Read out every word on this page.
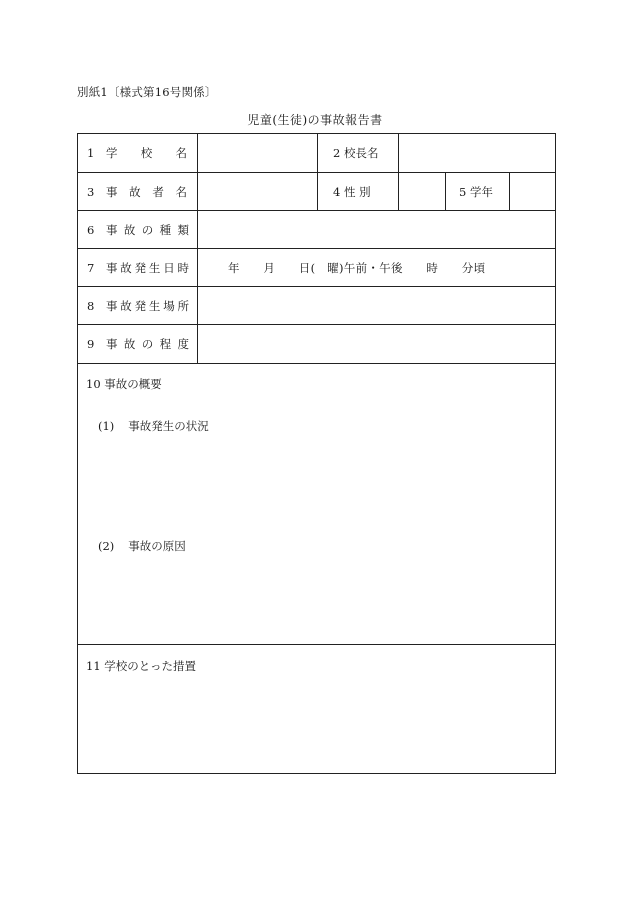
別紙1〔様式第16号関係〕
児童(生徒)の事故報告書
1 学 校 名	2 校長名
3 事 故 者 名	4 性 別	5 学年
6 事 故 の 種 類
7 事 故 発 生 日 時	年　　月　　日(　曜)午前・午後　　時　　分頃
8 事 故 発 生 場 所
9 事 故 の 程 度
10 事故の概要
(1) 事故発生の状況
(2) 事故の原因
11 学校のとった措置
